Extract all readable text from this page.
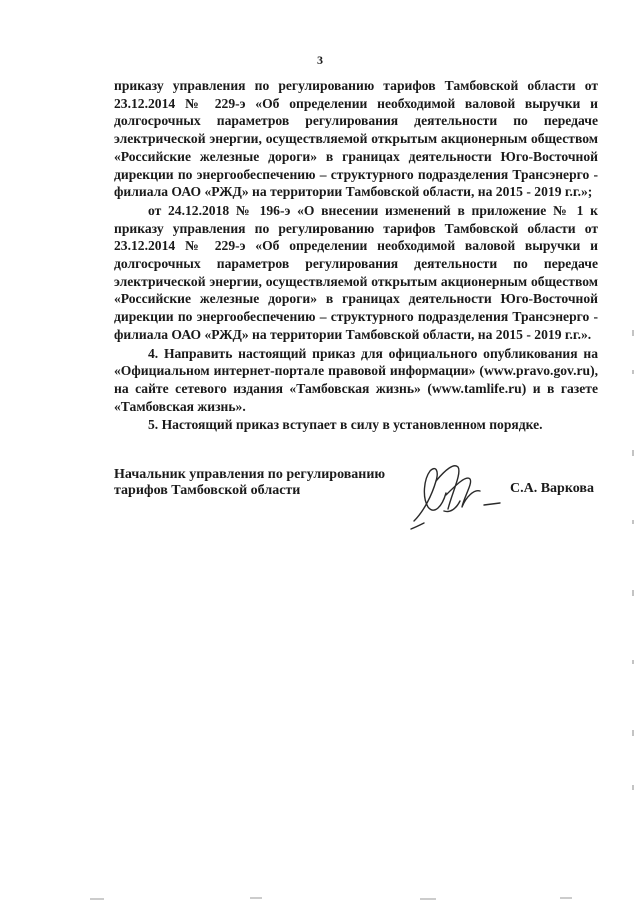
3

приказу управления по регулированию тарифов Тамбовской области от 23.12.2014 № 229-э «Об определении необходимой валовой выручки и долгосрочных параметров регулирования деятельности по передаче электрической энергии, осуществляемой открытым акционерным обществом «Российские железные дороги» в границах деятельности Юго-Восточной дирекции по энергообеспечению – структурного подразделения Трансэнерго - филиала ОАО «РЖД» на территории Тамбовской области, на 2015 - 2019 г.г.»;

от 24.12.2018 № 196-э «О внесении изменений в приложение № 1 к приказу управления по регулированию тарифов Тамбовской области от 23.12.2014 № 229-э «Об определении необходимой валовой выручки и долгосрочных параметров регулирования деятельности по передаче электрической энергии, осуществляемой открытым акционерным обществом «Российские железные дороги» в границах деятельности Юго-Восточной дирекции по энергообеспечению – структурного подразделения Трансэнерго - филиала ОАО «РЖД» на территории Тамбовской области, на 2015 - 2019 г.г.».

4. Направить настоящий приказ для официального опубликования на «Официальном интернет-портале правовой информации» (www.pravo.gov.ru), на сайте сетевого издания «Тамбовская жизнь» (www.tamlife.ru) и в газете «Тамбовская жизнь».

5. Настоящий приказ вступает в силу в установленном порядке.

Начальник управления по регулированию
тарифов Тамбовской области	С.А. Варкова
